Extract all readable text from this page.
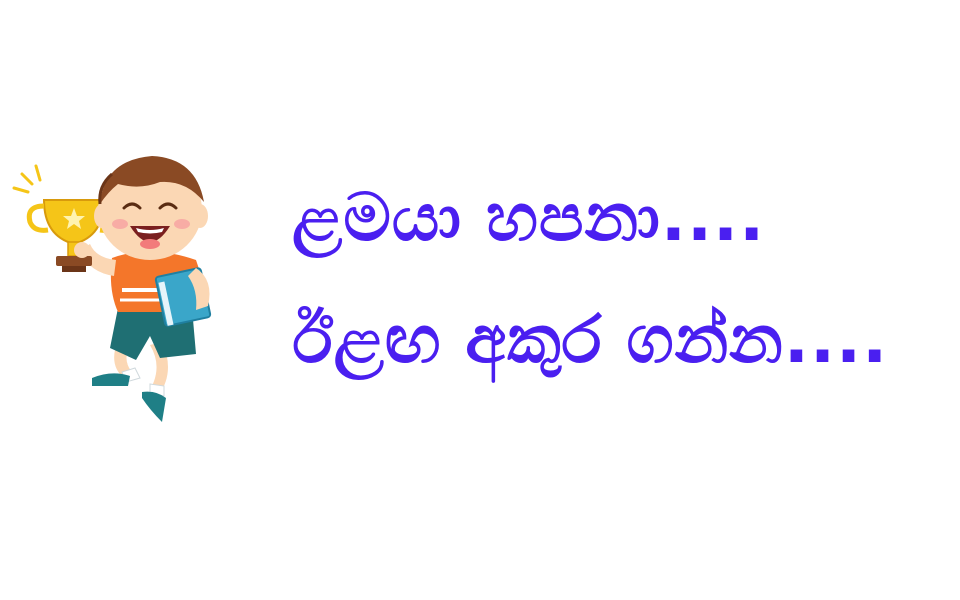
ළමයා හපනා....
ඊළඟ අකුර ගන්න....
